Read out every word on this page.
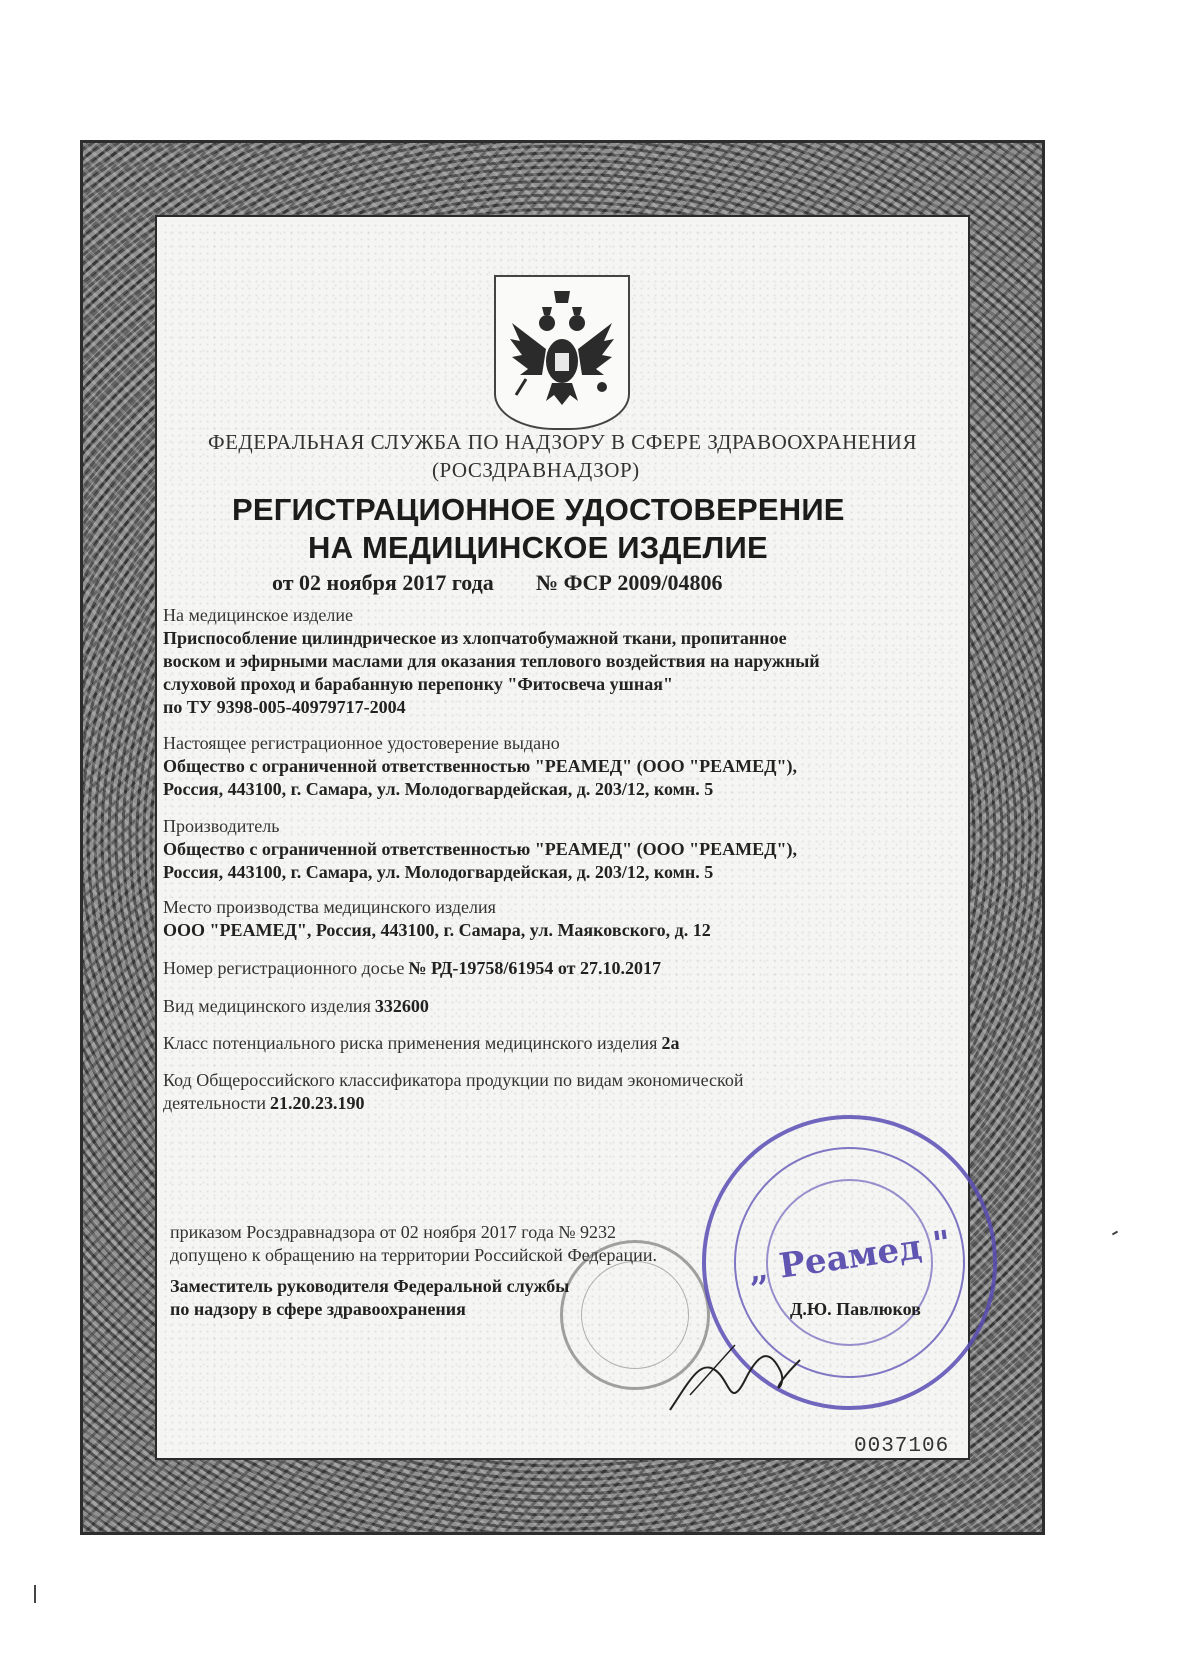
ФЕДЕРАЛЬНАЯ СЛУЖБА ПО НАДЗОРУ В СФЕРЕ ЗДРАВООХРАНЕНИЯ
(РОСЗДРАВНАДЗОР)
РЕГИСТРАЦИОННОЕ УДОСТОВЕРЕНИЕ
НА МЕДИЦИНСКОЕ ИЗДЕЛИЕ
от 02 ноября 2017 года № ФСР 2009/04806
На медицинское изделие
Приспособление цилиндрическое из хлопчатобумажной ткани, пропитанное
воском и эфирными маслами для оказания теплового воздействия на наружный
слуховой проход и барабанную перепонку "Фитосвеча ушная"
по ТУ 9398-005-40979717-2004
Настоящее регистрационное удостоверение выдано
Общество с ограниченной ответственностью "РЕАМЕД" (ООО "РЕАМЕД"),
Россия, 443100, г. Самара, ул. Молодогвардейская, д. 203/12, комн. 5
Производитель
Общество с ограниченной ответственностью "РЕАМЕД" (ООО "РЕАМЕД"),
Россия, 443100, г. Самара, ул. Молодогвардейская, д. 203/12, комн. 5
Место производства медицинского изделия
ООО "РЕАМЕД", Россия, 443100, г. Самара, ул. Маяковского, д. 12
Номер регистрационного досье № РД-19758/61954 от 27.10.2017
Вид медицинского изделия 332600
Класс потенциального риска применения медицинского изделия 2а
Код Общероссийского классификатора продукции по видам экономической
деятельности 21.20.23.190
„ Реамед "
приказом Росздравнадзора от 02 ноября 2017 года № 9232
допущено к обращению на территории Российской Федерации.
Заместитель руководителя Федеральной службы
по надзору в сфере здравоохранения	Д.Ю. Павлюков
0037106
